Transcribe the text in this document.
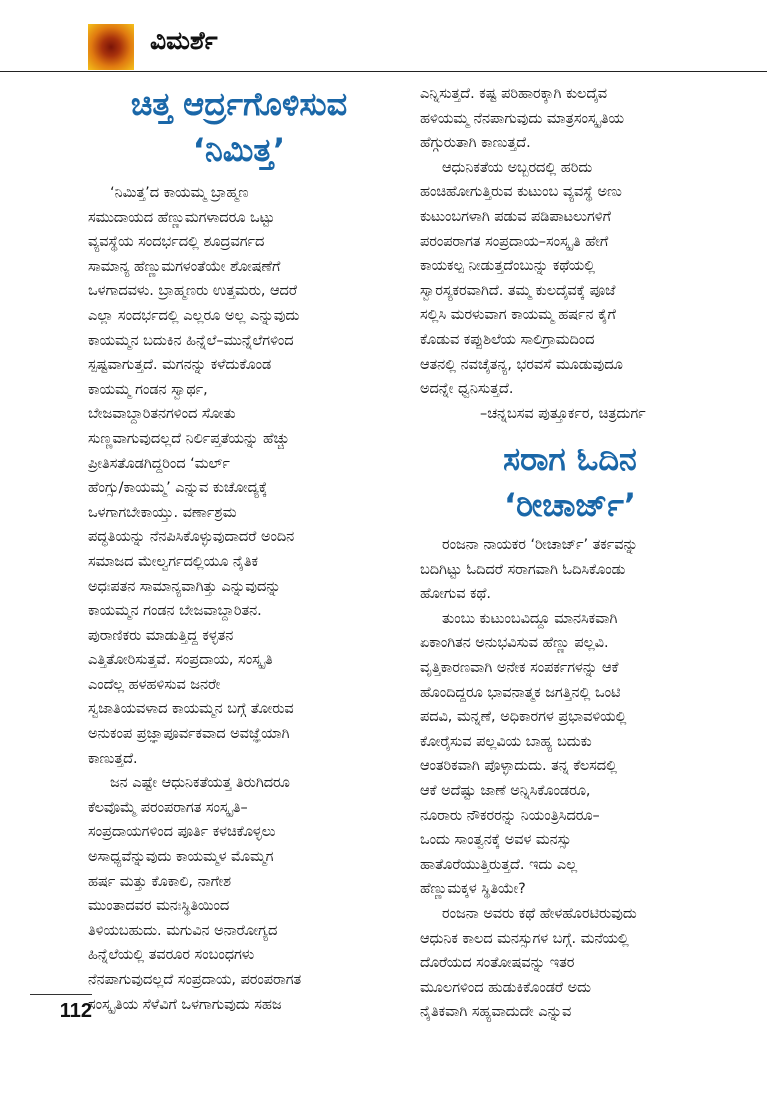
ವಿಮರ್ಶೆ
ಚಿತ್ತ ಆರ್ದ್ರಗೊಳಿಸುವ
‘ನಿಮಿತ್ತ’
‘ನಿಮಿತ್ತ’ದ ಕಾಯಮ್ಮ ಬ್ರಾಹ್ಮಣ
ಸಮುದಾಯದ ಹೆಣ್ಣುಮಗಳಾದರೂ ಒಟ್ಟು
ವ್ಯವಸ್ಥೆಯ ಸಂದರ್ಭದಲ್ಲಿ ಶೂದ್ರವರ್ಗದ
ಸಾಮಾನ್ಯ ಹೆಣ್ಣುಮಗಳಂತೆಯೇ ಶೋಷಣೆಗೆ
ಒಳಗಾದವಳು. ಬ್ರಾಹ್ಮಣರು ಉತ್ತಮರು, ಆದರೆ
ಎಲ್ಲಾ ಸಂದರ್ಭದಲ್ಲಿ ಎಲ್ಲರೂ ಅಲ್ಲ ಎನ್ನುವುದು
ಕಾಯಮ್ಮನ ಬದುಕಿನ ಹಿನ್ನೆಲೆ–ಮುನ್ನೆಲೆಗಳಿಂದ
ಸ್ಪಷ್ಟವಾಗುತ್ತದೆ. ಮಗನನ್ನು ಕಳೆದುಕೊಂಡ
ಕಾಯಮ್ಮ ಗಂಡನ ಸ್ವಾರ್ಥ,
ಬೇಜವಾಬ್ದಾರಿತನಗಳಿಂದ ಸೋತು
ಸುಣ್ಣವಾಗುವುದಲ್ಲದೆ ನಿರ್ಲಿಪ್ತತೆಯನ್ನು ಹೆಚ್ಚು
ಪ್ರೀತಿಸತೊಡಗಿದ್ದರಿಂದ ‘ಮರ್ಲ್
ಹೆಂಗ್ಸು/ಕಾಯಮ್ಮ’ ಎನ್ನುವ ಕುಚೋದ್ಯಕ್ಕೆ
ಒಳಗಾಗಬೇಕಾಯ್ತು. ವರ್ಣಾಶ್ರಮ
ಪದ್ಧತಿಯನ್ನು ನೆನಪಿಸಿಕೊಳ್ಳುವುದಾದರೆ ಅಂದಿನ
ಸಮಾಜದ ಮೇಲ್ವರ್ಗದಲ್ಲಿಯೂ ನೈತಿಕ
ಅಧಃಪತನ ಸಾಮಾನ್ಯವಾಗಿತ್ತು ಎನ್ನುವುದನ್ನು
ಕಾಯಮ್ಮನ ಗಂಡನ ಬೇಜವಾಬ್ದಾರಿತನ.
ಪುರಾಣಿಕರು ಮಾಡುತ್ತಿದ್ದ ಕಳ್ಳತನ
ಎತ್ತಿತೋರಿಸುತ್ತವೆ. ಸಂಪ್ರದಾಯ, ಸಂಸ್ಕೃತಿ
ಎಂದೆಲ್ಲ ಹಳಹಳಿಸುವ ಜನರೇ
ಸ್ವಜಾತಿಯವಳಾದ ಕಾಯಮ್ಮನ ಬಗ್ಗೆ ತೋರುವ
ಅನುಕಂಪ ಪ್ರಜ್ಞಾಪೂರ್ವಕವಾದ ಅವಜ್ಞೆಯಾಗಿ
ಕಾಣುತ್ತದೆ.
ಜನ ಎಷ್ಟೇ ಆಧುನಿಕತೆಯತ್ತ ತಿರುಗಿದರೂ
ಕೆಲವೊಮ್ಮೆ ಪರಂಪರಾಗತ ಸಂಸ್ಕೃತಿ–
ಸಂಪ್ರದಾಯಗಳಿಂದ ಪೂರ್ತಿ ಕಳಚಿಕೊಳ್ಳಲು
ಅಸಾಧ್ಯವೆನ್ನುವುದು ಕಾಯಮ್ಮಳ ಮೊಮ್ಮಗ
ಹರ್ಷ ಮತ್ತು ಕೊಕಾಲಿ, ನಾಗೇಶ
ಮುಂತಾದವರ ಮನಃಸ್ಥಿತಿಯಿಂದ
ತಿಳಿಯಬಹುದು. ಮಗುವಿನ ಅನಾರೋಗ್ಯದ
ಹಿನ್ನೆಲೆಯಲ್ಲಿ ತವರೂರ ಸಂಬಂಧಗಳು
ನೆನಪಾಗುವುದಲ್ಲದೆ ಸಂಪ್ರದಾಯ, ಪರಂಪರಾಗತ
ಸಂಸ್ಕೃತಿಯ ಸೆಳೆವಿಗೆ ಒಳಗಾಗುವುದು ಸಹಜ
ಎನ್ನಿಸುತ್ತದೆ. ಕಷ್ಟ ಪರಿಹಾರಕ್ಕಾಗಿ ಕುಲದೈವ
ಹಳಿಯಮ್ಮ ನೆನಪಾಗುವುದು ಮಾತ್ರಸಂಸ್ಕೃತಿಯ
ಹೆಗ್ಗುರುತಾಗಿ ಕಾಣುತ್ತದೆ.
ಆಧುನಿಕತೆಯ ಅಬ್ಬರದಲ್ಲಿ ಹರಿದು
ಹಂಚಿಹೋಗುತ್ತಿರುವ ಕುಟುಂಬ ವ್ಯವಸ್ಥೆ ಅಣು
ಕುಟುಂಬಗಳಾಗಿ ಪಡುವ ಪಡಿಪಾಟಲುಗಳಿಗೆ
ಪರಂಪರಾಗತ ಸಂಪ್ರದಾಯ–ಸಂಸ್ಕೃತಿ ಹೇಗೆ
ಕಾಯಕಲ್ಪ ನೀಡುತ್ತದೆಂಬುನ್ನು ಕಥೆಯಲ್ಲಿ
ಸ್ವಾರಸ್ಯಕರವಾಗಿದೆ. ತಮ್ಮ ಕುಲದೈವಕ್ಕೆ ಪೂಜೆ
ಸಲ್ಲಿಸಿ ಮರಳುವಾಗ ಕಾಯಮ್ಮ ಹರ್ಷನ ಕೈಗೆ
ಕೊಡುವ ಕಪ್ಪುಶಿಲೆಯ ಸಾಲಿಗ್ರಾಮದಿಂದ
ಆತನಲ್ಲಿ ನವಚೈತನ್ಯ, ಭರವಸೆ ಮೂಡುವುದೂ
ಅದನ್ನೇ ಧ್ವನಿಸುತ್ತದೆ.
–ಚನ್ನಬಸವ ಪುತ್ತೂರ್ಕರ, ಚಿತ್ರದುರ್ಗ
ಸರಾಗ ಓದಿನ
‘ರೀಚಾರ್ಜ್’
ರಂಜನಾ ನಾಯಕರ ‘ರೀಚಾರ್ಜ್’ ತರ್ಕವನ್ನು
ಬದಿಗಿಟ್ಟು ಓದಿದರೆ ಸರಾಗವಾಗಿ ಓದಿಸಿಕೊಂಡು
ಹೋಗುವ ಕಥೆ.
ತುಂಬು ಕುಟುಂಬವಿದ್ದೂ ಮಾನಸಿಕವಾಗಿ
ಏಕಾಂಗಿತನ ಅನುಭವಿಸುವ ಹೆಣ್ಣು ಪಲ್ಲವಿ.
ವೃತ್ತಿಕಾರಣವಾಗಿ ಅನೇಕ ಸಂಪರ್ಕಗಳನ್ನು ಆಕೆ
ಹೊಂದಿದ್ದರೂ ಭಾವನಾತ್ಮಕ ಜಗತ್ತಿನಲ್ಲಿ ಒಂಟಿ
ಪದವಿ, ಮನ್ನಣೆ, ಅಧಿಕಾರಗಳ ಪ್ರಭಾವಳಿಯಲ್ಲಿ
ಕೋರೈಸುವ ಪಲ್ಲವಿಯ ಬಾಹ್ಯ ಬದುಕು
ಆಂತರಿಕವಾಗಿ ಪೊಳ್ಳಾದುದು. ತನ್ನ ಕೆಲಸದಲ್ಲಿ
ಆಕೆ ಅದೆಷ್ಟು ಜಾಣೆ ಅನ್ನಿಸಿಕೊಂಡರೂ,
ನೂರಾರು ನೌಕರರನ್ನು ನಿಯಂತ್ರಿಸಿದರೂ–
ಒಂದು ಸಾಂತ್ವನಕ್ಕೆ ಅವಳ ಮನಸ್ಸು
ಹಾತೊರೆಯುತ್ತಿರುತ್ತದೆ. ಇದು ಎಲ್ಲ
ಹೆಣ್ಣುಮಕ್ಕಳ ಸ್ಥಿತಿಯೇ?
ರಂಜನಾ ಅವರು ಕಥೆ ಹೇಳಹೊರಟಿರುವುದು
ಆಧುನಿಕ ಕಾಲದ ಮನಸ್ಸುಗಳ ಬಗ್ಗೆ. ಮನೆಯಲ್ಲಿ
ದೊರೆಯದ ಸಂತೋಷವನ್ನು ಇತರ
ಮೂಲಗಳಿಂದ ಹುಡುಕಿಕೊಂಡರೆ ಅದು
ನೈತಿಕವಾಗಿ ಸಹ್ಯವಾದುದೇ ಎನ್ನುವ
112
